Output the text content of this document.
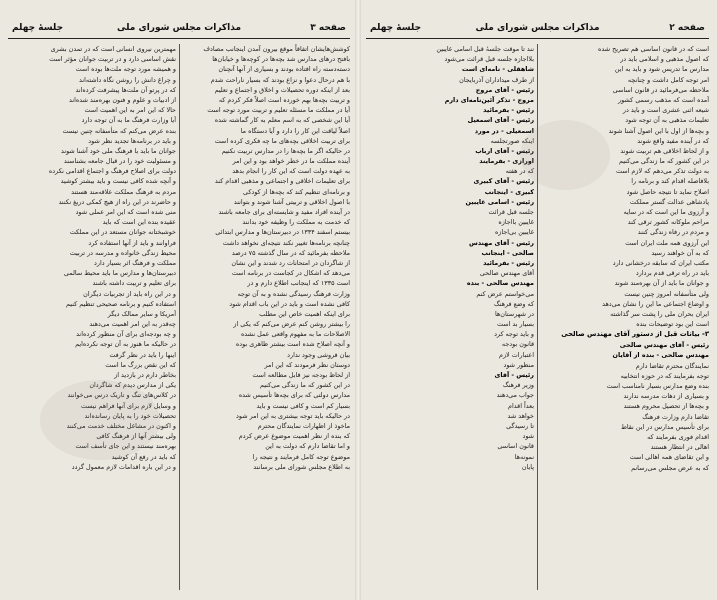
صفحه ۳
مذاکرات مجلس شورای ملی
جلسهٔ چهلم
کوشش‌هایشان اتفاقاً موقع بیرون آمدن اینجانب مصادف
بافتح درهای مدارس شد بچه‌ها در کوچه‌ها و خیابان‌ها
دسته‌دسته راه افتاده بودند و بسیاری از آنها آنچنان
با هم درحال دعوا و نزاع بودند که بسیار ناراحت شدم
بعد از اینکه دوره تحصیلات و اخلاق و اجتماع و تعلیم
و تربیت بچه‌ها بهم خورده است اصلاً فکر کردم که
آیا در مملکت ما مسئله تعلیم و تربیت مورد توجه است
آیا این شخصی که به اسم معلم به کار گماشته شده
اصلاً لیاقت این کار را دارد و آیا دستگاه ما
برای تربیت اخلاقی بچه‌های ما چه فکری کرده است
در حالیکه اگر ما بچه‌ها را در مدارس تربیت نکنیم
آینده مملکت ما در خطر خواهد بود و این امر
به عهده دولت است که این کار را انجام بدهد
برای تعلیمات اخلاقی و اجتماعی و مذهبی اقدام کند
و برنامه‌ای تنظیم کند که بچه‌ها از کودکی
با اصول اخلاقی و تربیتی آشنا شوند و بتوانند
در آینده افراد مفید و شایسته‌ای برای جامعه باشند
که خدمت به مملکت را وظیفه خود بدانند
بیستم اسفند ۱۳۳۴ در دبیرستان‌ها و مدارس ابتدائی
چنانچه برنامه‌ها تغییر نکند نتیجه‌ای نخواهد داشت
ملاحظه بفرمائید که در سال گذشته ۷۵ درصد
از شاگردان در امتحانات رد شدند و این نشان
می‌دهد که اشکال در کجاست در برنامه است
است ۱۳۳۵ که اینجانب اطلاع دارم و در
وزارت فرهنگ رسیدگی نشده و به آن توجه
کافی نشده است و باید در این باب اقدام شود
برای اینکه اهمیت خاص این مطلب
را بیشتر روشن کنم عرض می‌کنم که یکی از
الاصلاحات ما به مفهوم واقعی عمل نشده
و آنچه اصلاح شده است بیشتر ظاهری بوده
بیان فروشی وجود ندارد
دوستان نظر فرمودند که این امر
از لحاظ بودجه نیز قابل مطالعه است
در این کشور که ما زندگی می‌کنیم
مدارس دولتی که برای بچه‌ها تأسیس شده
بسیار کم است و کافی نیست و باید
در حالیکه باید توجه بیشتری به این امر شود
ماخوذ از اظهارات نمایندگان محترم
که بنده از نظر اهمیت موضوع عرض کردم
و اما تقاضا دارم که دولت به این
موضوع توجه کامل فرمایند و نتیجه را
به اطلاع مجلس شورای ملی برسانند
مهمترین نیروی انسانی است که در تمدن بشری
نقش اساسی دارد و در تربیت جوانان مؤثر است
و همیشه مورد توجه ملت‌ها بوده است
و چراغ دانش را روشن نگاه داشته‌اند
که در پرتو آن ملت‌ها پیشرفت کرده‌اند
از ادبیات و علوم و فنون بهره‌مند شده‌اند
حالا که این امر به این اهمیت است
آیا وزارت فرهنگ ما به آن توجه دارد
بنده عرض می‌کنم که متأسفانه چنین نیست
و باید در برنامه‌ها تجدید نظر شود
جوانان ما باید با فرهنگ ملی خود آشنا شوند
و مسئولیت خود را در قبال جامعه بشناسند
دولت برای اصلاح فرهنگ و اجتماع اقدامی نکرده
و آنچه شده کافی نیست و باید بیشتر کوشید
مردم به فرهنگ مملکت علاقه‌مند هستند
و حاضرند در این راه از هیچ کمکی دریغ نکنند
منی شده است که این امر عملی شود
عقیده بنده این است که باید
خوشبختانه جوانان مستعد در این مملکت
فراوانند و باید از آنها استفاده کرد
محیط زندگی خانواده و مدرسه در تربیت
مملکت و فرهنگ اثر بسیار دارد
دبیرستان‌ها و مدارس ما باید محیط سالمی
برای تعلیم و تربیت داشته باشند
و در این راه باید از تجربیات دیگران
استفاده کنیم و برنامه صحیحی تنظیم کنیم
آمریکا و سایر ممالک دیگر
چه‌قدر به این امر اهمیت می‌دهند
و چه بودجه‌ای برای آن منظور کرده‌اند
در حالیکه ما هنوز به آن توجه نکرده‌ایم
اینها را باید در نظر گرفت
که این نقص بزرگ ما است
بخاطر دارم در بازدید از
یکی از مدارس دیدم که شاگردان
در کلاس‌های تنگ و تاریک درس می‌خوانند
و وسایل لازم برای آنها فراهم نیست
تحصیلات خود را به پایان رسانده‌اند
و اکنون در مشاغل مختلف خدمت می‌کنند
ولی بیشتر آنها از فرهنگ کافی
بهره‌مند نیستند و این جای تأسف است
که باید در رفع آن کوشید
و در این باره اقدامات لازم معمول گردد
صفحه ۲
مذاکرات مجلس شورای ملی
جلسهٔ چهلم
است که در قانون اساسی هم تصریح شده
که اصول مذهبی و اسلامی باید در
مدارس ما تدریس شود و باید به این
امر توجه کامل داشت و چنانچه
ملاحظه می‌فرمائید در قانون اساسی
آمده است که مذهب رسمی کشور
شیعه اثنی عشری است و باید در
تعلیمات مذهبی به آن توجه شود
و بچه‌ها از اول با این اصول آشنا شوند
که در آینده مفید واقع شوند
و از لحاظ اخلاقی هم تربیت شوند
در این کشور که ما زندگی می‌کنیم
به دولت تذکر می‌دهم که لازم است
بلافاصله اقدام کند و برنامه را
اصلاح نماید تا نتیجه حاصل شود
پادشاهی عدالت گستر مملکت
و آرزوی ما این است که در سایه
مراحم ملوکانه کشور ترقی کند
و مردم در رفاه زندگی کنند
این آرزوی همه ملت ایران است
که به آن خواهند رسید
مکتب ایران که سابقه درخشانی دارد
باید در راه ترقی قدم بردارد
و جوانان ما باید از آن بهره‌مند شوند
ولی متأسفانه امروز چنین نیست
و اوضاع اجتماعی ما این را نشان می‌دهد
ایران بحران ملی را پشت سر گذاشته
است این بود توضیحات بنده
۳- بیانات قبل از دستور آقای مهندس صالحی
رئیس - آقای مهندس صالحی
مهندس صالحی - بنده از آقایان
نمایندگان محترم تقاضا دارم
توجه بفرمایند که در حوزه انتخابیه
بنده وضع مدارس بسیار نامناسب است
و بسیاری از دهات مدرسه ندارند
و بچه‌ها از تحصیل محروم هستند
تقاضا دارم وزارت فرهنگ
برای تأسیس مدارس در این نقاط
اقدام فوری بفرمایند که
اهالی در انتظار هستند
و این تقاضای همه اهالی است
که به عرض مجلس می‌رسانم
نند تا موقت جلسهٔ قبل اسامی غایبین
بلااجازه جلسه قبل قرائت می‌شود
شاهقلی - نامه‌ای است
از طرف میداداران آذربایجان
رئیس - آقای مروج
مروج - تذکر آئین‌نامه‌ای دارم
رئیس - بفرمائید
رئیس - آقای اسمعیل
اسمعیلی - در مورد
اینکه صورتجلسه
رئیس - آقای ارباب
اورازی - بفرمایند
که در هفته
رئیس - آقای کبیری
کبیری - اینجانب
رئیس - اسامی غایبین
جلسه قبل قرائت
غایبین بااجازه
غایبین بی‌اجازه
رئیس - آقای مهندس
صالحی - اینجانب
رئیس - بفرمائید
آقای مهندس صالحی
مهندس صالحی - بنده
می‌خواستم عرض کنم
که وضع فرهنگ
در شهرستان‌ها
بسیار بد است
و باید توجه کرد
قانون بودجه
اعتبارات لازم
منظور شود
رئیس - آقای
وزیر فرهنگ
جواب می‌دهند
بعداً اقدام
خواهد شد
تا رسیدگی
شود
قانون اساسی
نمونه‌ها
پایان
